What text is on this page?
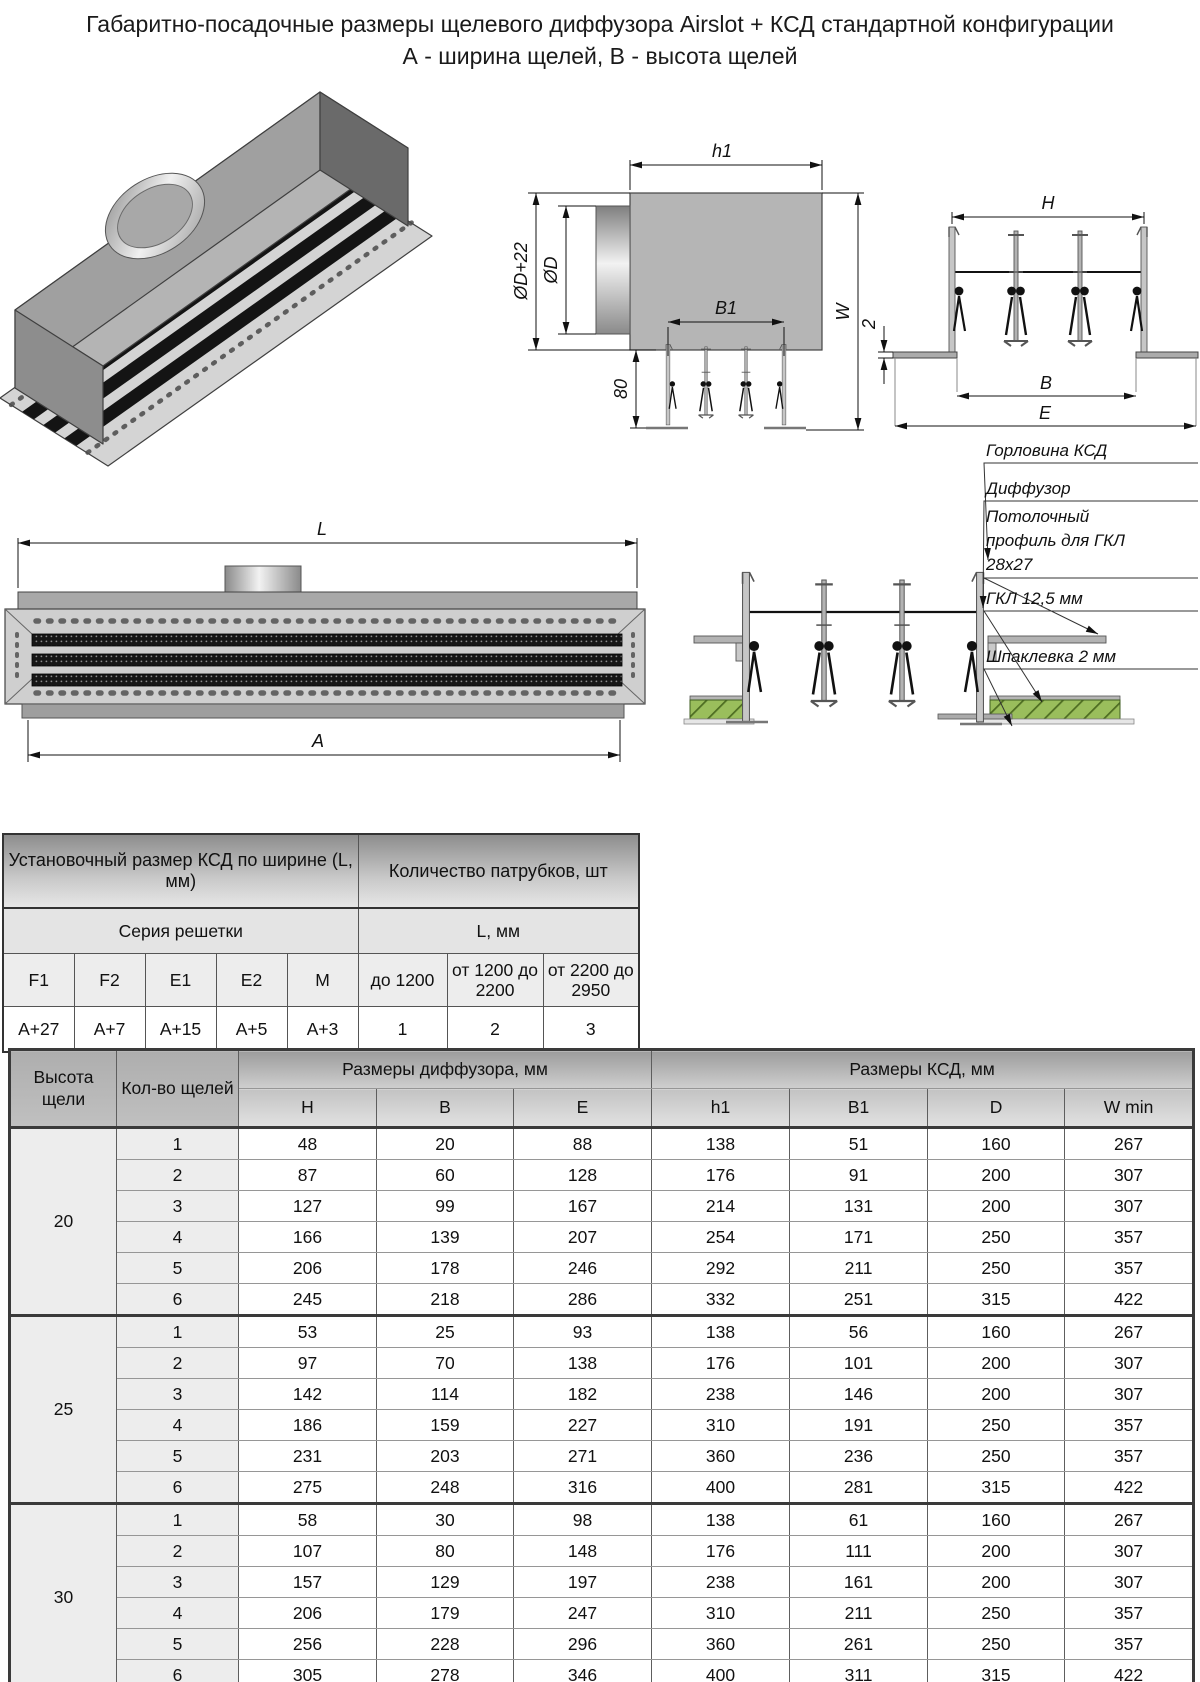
Габаритно-посадочные размеры щелевого диффузора Airslot + КСД стандартной конфигурации
А - ширина щелей, В - высота щелей
h1
ØD+22 ØD
B1
80
W
H
2
B
E
L
A
Горловина КСД
Диффузор
Потолочный профиль для ГКЛ 28х27
ГКЛ 12,5 мм
Шпаклевка 2 мм
Установочный размер КСД по ширине (L, мм)					Количество патрубков, шт		
Серия решетки					L, мм		
F1	F2	E1	E2	M	до 1200	от 1200 до 2200	от 2200 до 2950
A+27	A+7	A+15	A+5	A+3	1	2	3
Высота щели	Кол-во щелей	Размеры диффузора, мм			Размеры КСД, мм			
		H	B	E	h1	B1	D	W min
20	1	48	20	88	138	51	160	267
	2	87	60	128	176	91	200	307
	3	127	99	167	214	131	200	307
	4	166	139	207	254	171	250	357
	5	206	178	246	292	211	250	357
	6	245	218	286	332	251	315	422
25	1	53	25	93	138	56	160	267
	2	97	70	138	176	101	200	307
	3	142	114	182	238	146	200	307
	4	186	159	227	310	191	250	357
	5	231	203	271	360	236	250	357
	6	275	248	316	400	281	315	422
30	1	58	30	98	138	61	160	267
	2	107	80	148	176	111	200	307
	3	157	129	197	238	161	200	307
	4	206	179	247	310	211	250	357
	5	256	228	296	360	261	250	357
	6	305	278	346	400	311	315	422
